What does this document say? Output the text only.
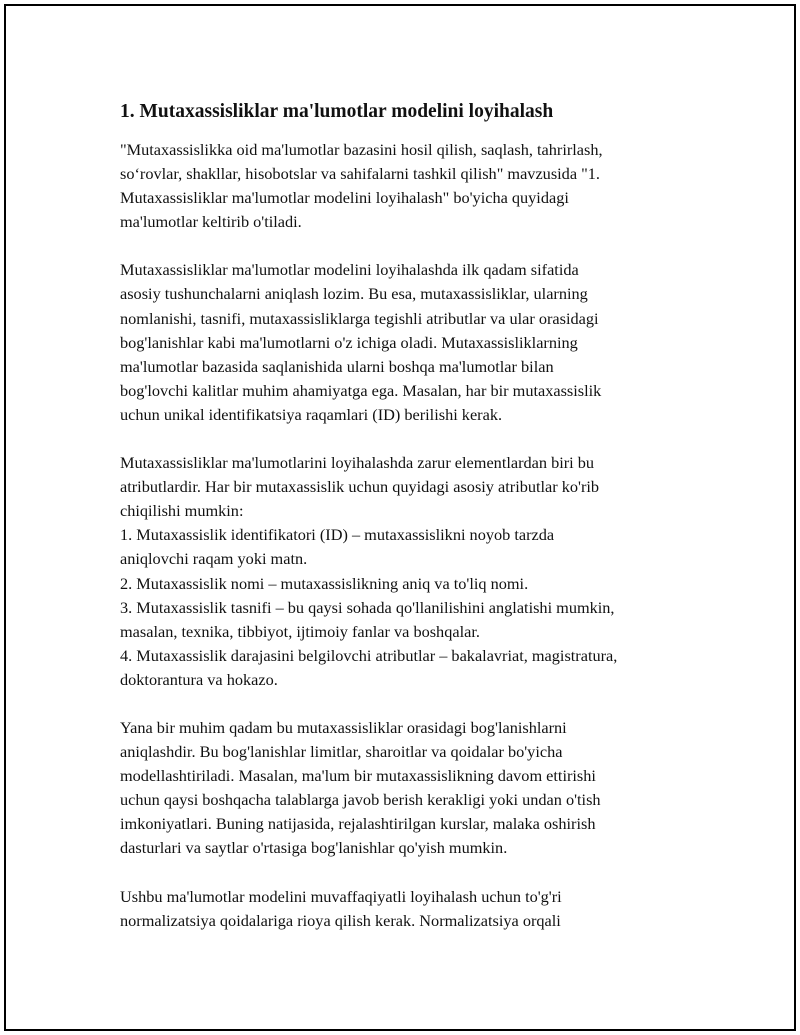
1. Mutaxassisliklar ma'lumotlar modelini loyihalash

"Mutaxassislikka oid ma'lumotlar bazasini hosil qilish, saqlash, tahrirlash,
so‘rovlar, shakllar, hisobotslar va sahifalarni tashkil qilish" mavzusida "1.
Mutaxassisliklar ma'lumotlar modelini loyihalash" bo'yicha quyidagi
ma'lumotlar keltirib o'tiladi.

Mutaxassisliklar ma'lumotlar modelini loyihalashda ilk qadam sifatida
asosiy tushunchalarni aniqlash lozim. Bu esa, mutaxassisliklar, ularning
nomlanishi, tasnifi, mutaxassisliklarga tegishli atributlar va ular orasidagi
bog'lanishlar kabi ma'lumotlarni o'z ichiga oladi. Mutaxassisliklarning
ma'lumotlar bazasida saqlanishida ularni boshqa ma'lumotlar bilan
bog'lovchi kalitlar muhim ahamiyatga ega. Masalan, har bir mutaxassislik
uchun unikal identifikatsiya raqamlari (ID) berilishi kerak.

Mutaxassisliklar ma'lumotlarini loyihalashda zarur elementlardan biri bu
atributlardir. Har bir mutaxassislik uchun quyidagi asosiy atributlar ko'rib
chiqilishi mumkin:
1. Mutaxassislik identifikatori (ID) – mutaxassislikni noyob tarzda
aniqlovchi raqam yoki matn.
2. Mutaxassislik nomi – mutaxassislikning aniq va to'liq nomi.
3. Mutaxassislik tasnifi – bu qaysi sohada qo'llanilishini anglatishi mumkin,
masalan, texnika, tibbiyot, ijtimoiy fanlar va boshqalar.
4. Mutaxassislik darajasini belgilovchi atributlar – bakalavriat, magistratura,
doktorantura va hokazo.

Yana bir muhim qadam bu mutaxassisliklar orasidagi bog'lanishlarni
aniqlashdir. Bu bog'lanishlar limitlar, sharoitlar va qoidalar bo'yicha
modellashtiriladi. Masalan, ma'lum bir mutaxassislikning davom ettirishi
uchun qaysi boshqacha talablarga javob berish kerakligi yoki undan o'tish
imkoniyatlari. Buning natijasida, rejalashtirilgan kurslar, malaka oshirish
dasturlari va saytlar o'rtasiga bog'lanishlar qo'yish mumkin.

Ushbu ma'lumotlar modelini muvaffaqiyatli loyihalash uchun to'g'ri
normalizatsiya qoidalariga rioya qilish kerak. Normalizatsiya orqali
